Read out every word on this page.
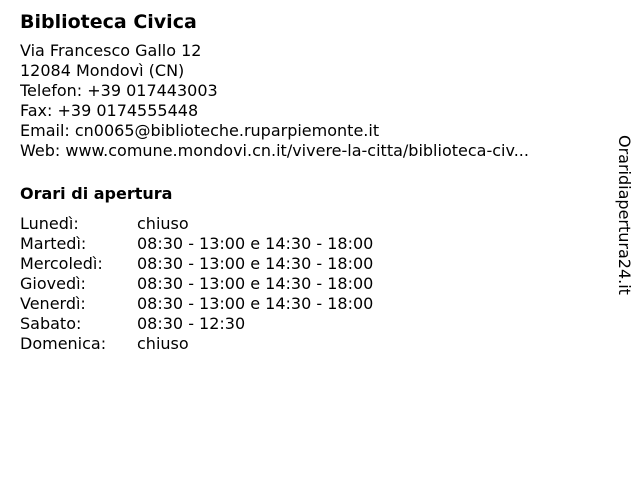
Biblioteca Civica
Via Francesco Gallo 12
12084 Mondovì (CN)
Telefon: +39 017443003
Fax: +39 0174555448
Email: cn0065@biblioteche.ruparpiemonte.it
Web: www.comune.mondovi.cn.it/vivere-la-citta/biblioteca-civ...
Orari di apertura
Lunedì:	chiuso
Martedì:	08:30 - 13:00 e 14:30 - 18:00
Mercoledì:	08:30 - 13:00 e 14:30 - 18:00
Giovedì:	08:30 - 13:00 e 14:30 - 18:00
Venerdì:	08:30 - 13:00 e 14:30 - 18:00
Sabato:	08:30 - 12:30
Domenica:	chiuso
Oraridiapertura24.it
